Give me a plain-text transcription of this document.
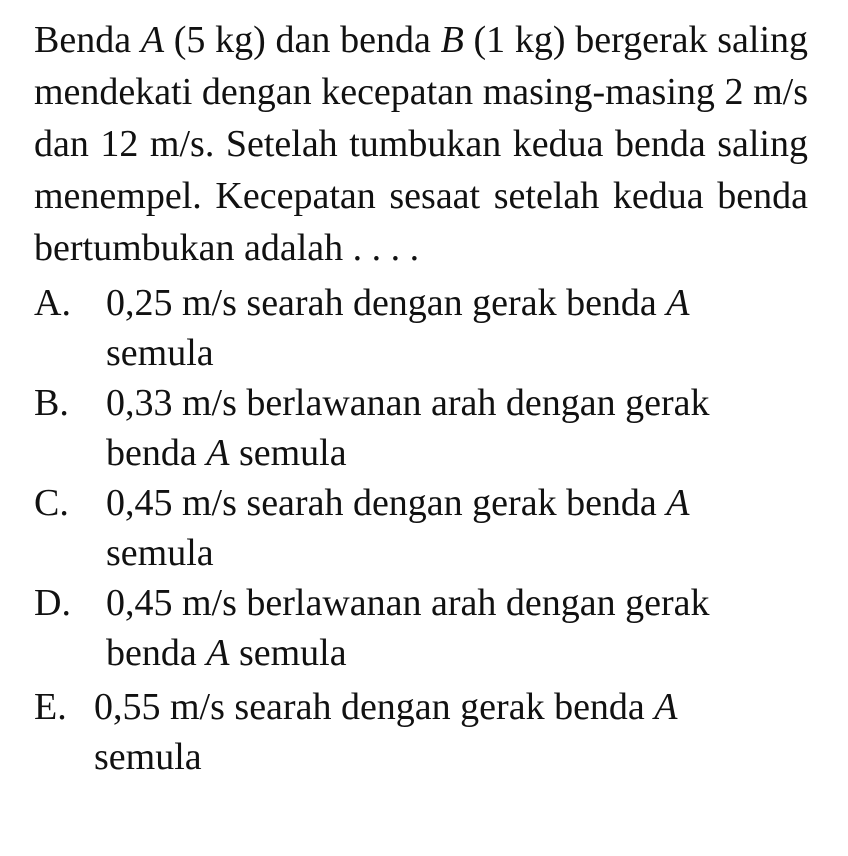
Benda A (5 kg) dan benda B (1 kg) bergerak saling mendekati dengan kecepatan masing-masing 2 m/s dan 12 m/s. Setelah tumbukan kedua benda saling menempel. Kecepatan sesaat setelah kedua benda bertumbukan adalah . . . .

A. 0,25 m/s searah dengan gerak benda A
semula
B. 0,33 m/s berlawanan arah dengan gerak
benda A semula
C. 0,45 m/s searah dengan gerak benda A
semula
D. 0,45 m/s berlawanan arah dengan gerak
benda A semula
E. 0,55 m/s searah dengan gerak benda A
semula
